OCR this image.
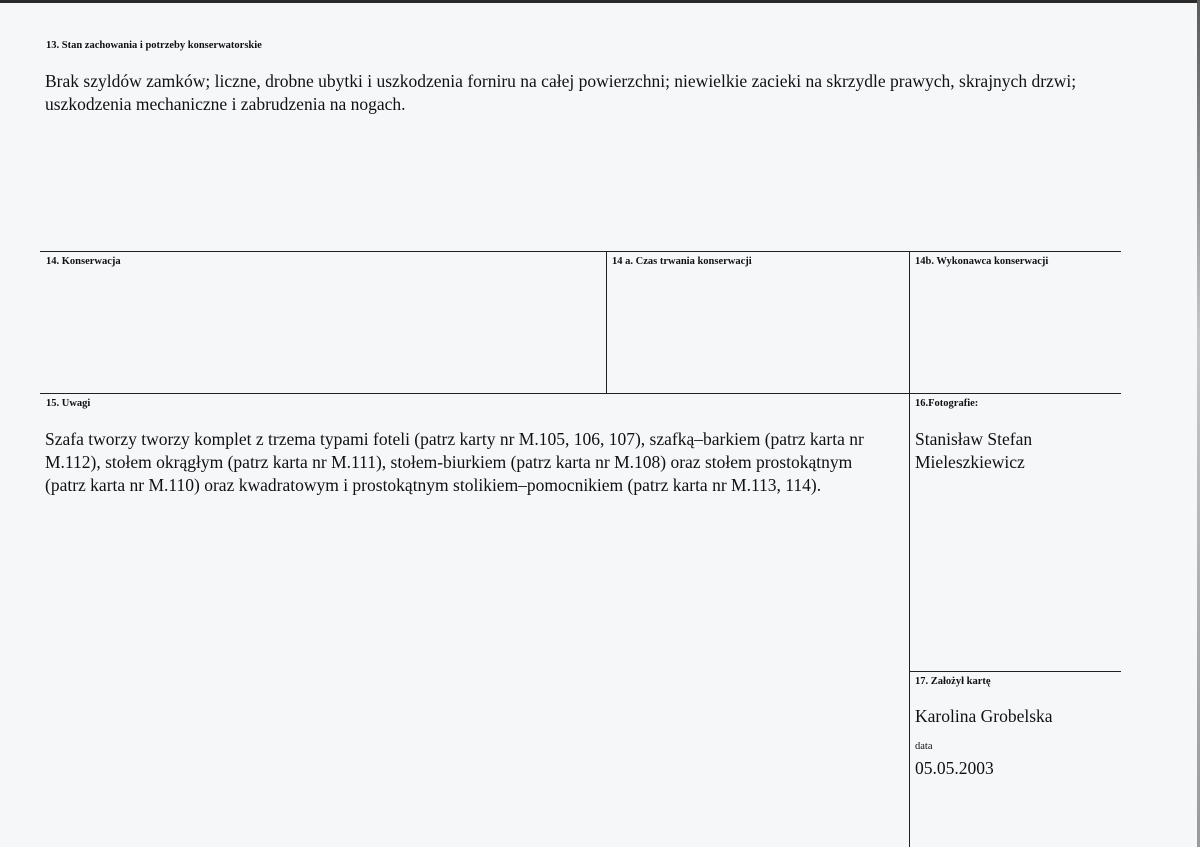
13. Stan zachowania i potrzeby konserwatorskie
Brak szyldów zamków; liczne, drobne ubytki i uszkodzenia forniru na całej powierzchni; niewielkie zacieki na skrzydle prawych, skrajnych drzwi; uszkodzenia mechaniczne i zabrudzenia na nogach.
14. Konserwacja	14 a. Czas trwania konserwacji	14b. Wykonawca konserwacji
15. Uwagi
Szafa tworzy tworzy komplet z trzema typami foteli (patrz karty nr M.105, 106, 107), szafką–barkiem (patrz karta nr M.112), stołem okrągłym (patrz karta nr M.111), stołem-biurkiem (patrz karta nr M.108) oraz stołem prostokątnym (patrz karta nr M.110) oraz kwadratowym i prostokątnym stolikiem–pomocnikiem (patrz karta nr M.113, 114).
16.Fotografie:
Stanisław Stefan Mieleszkiewicz
17. Założył kartę
Karolina Grobelska
data
05.05.2003
